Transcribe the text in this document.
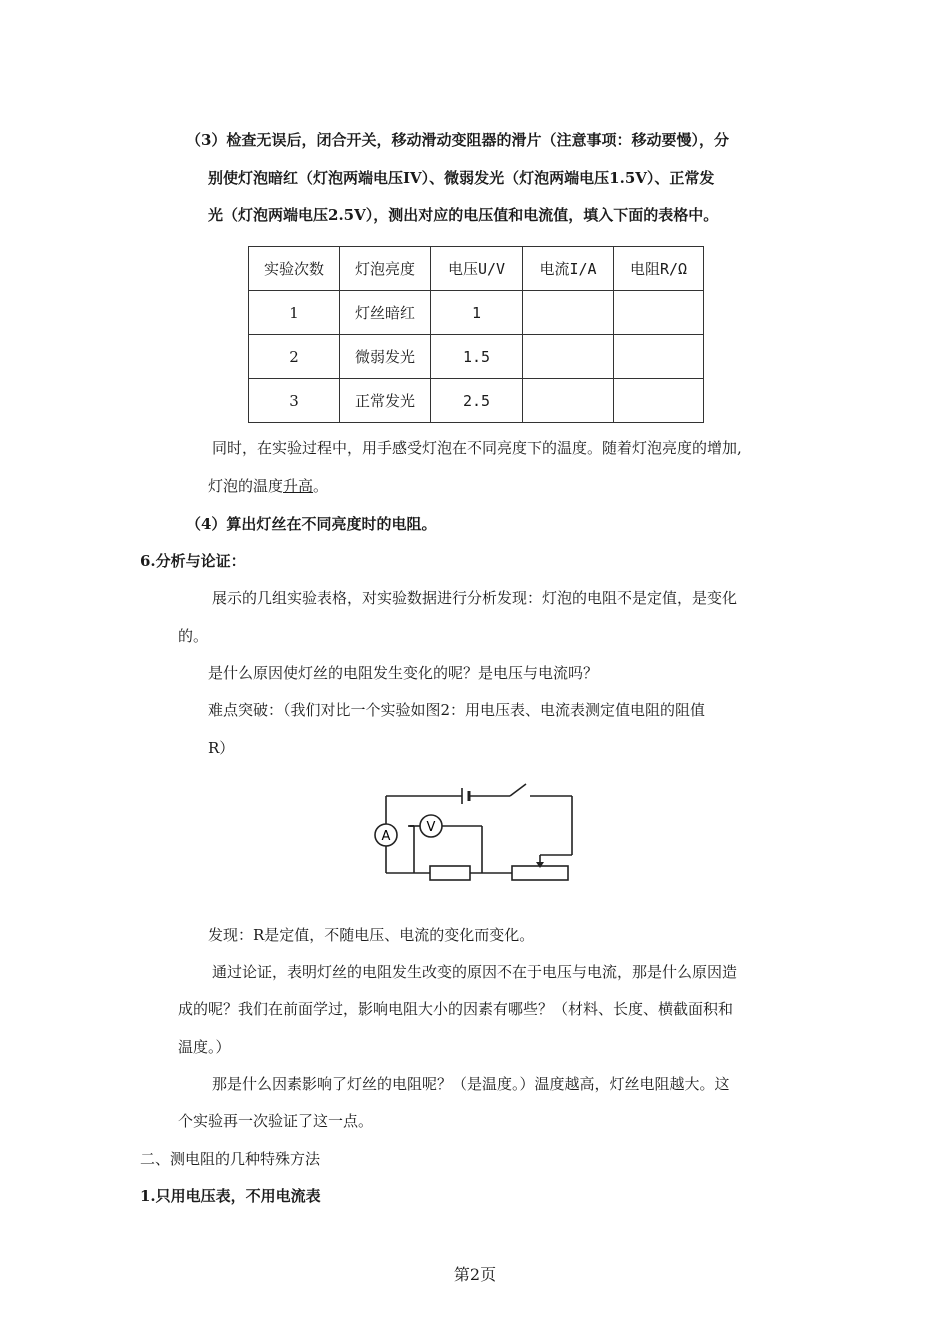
（3）检查无误后，闭合开关，移动滑动变阻器的滑片（注意事项：移动要慢），分
别使灯泡暗红（灯泡两端电压IV）、微弱发光（灯泡两端电压1.5V）、正常发
光（灯泡两端电压2.5V），测出对应的电压值和电流值，填入下面的表格中。
实验次数	灯泡亮度	电压U/V	电流I/A	电阻R/Ω
1	灯丝暗红	1		
2	微弱发光	1.5		
3	正常发光	2.5		
同时，在实验过程中，用手感受灯泡在不同亮度下的温度。随着灯泡亮度的增加,
灯泡的温度升高。
（4）算出灯丝在不同亮度时的电阻。
6.分析与论证：
展示的几组实验表格，对实验数据进行分析发现：灯泡的电阻不是定值，是变化
的。
是什么原因使灯丝的电阻发生变化的呢？是电压与电流吗？
难点突破：（我们对比一个实验如图2：用电压表、电流表测定值电阻的阻值
R）
A
V
发现：R是定值，不随电压、电流的变化而变化。
通过论证，表明灯丝的电阻发生改变的原因不在于电压与电流，那是什么原因造
成的呢？我们在前面学过，影响电阻大小的因素有哪些？（材料、长度、横截面积和
温度。）
那是什么因素影响了灯丝的电阻呢？（是温度。）温度越高，灯丝电阻越大。这
个实验再一次验证了这一点。
二、测电阻的几种特殊方法
1.只用电压表，不用电流表
第2页
